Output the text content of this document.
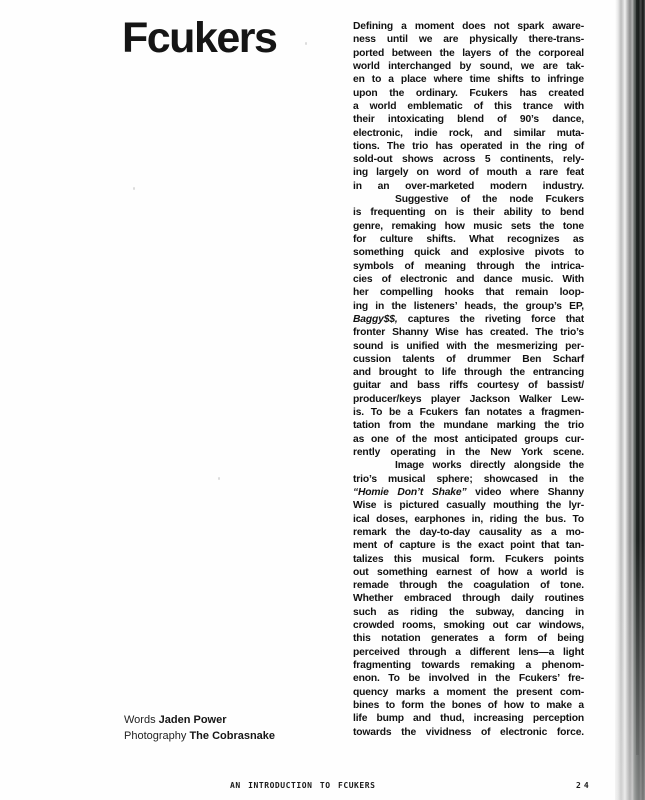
Fcukers	Defining a moment does not spark aware-
ness until we are physically there-trans-
ported between the layers of the corporeal
world interchanged by sound, we are tak-
en to a place where time shifts to infringe
upon the ordinary. Fcukers has created
a world emblematic of this trance with
their intoxicating blend of 90’s dance,
electronic, indie rock, and similar muta-
tions. The trio has operated in the ring of
sold-out shows across 5 continents, rely-
ing largely on word of mouth a rare feat
in an over-marketed modern industry.
Suggestive of the node Fcukers
is frequenting on is their ability to bend
genre, remaking how music sets the tone
for culture shifts. What recognizes as
something quick and explosive pivots to
symbols of meaning through the intrica-
cies of electronic and dance music. With
her compelling hooks that remain loop-
ing in the listeners’ heads, the group’s EP,
Baggy$$, captures the riveting force that
fronter Shanny Wise has created. The trio’s
sound is unified with the mesmerizing per-
cussion talents of drummer Ben Scharf
and brought to life through the entrancing
guitar and bass riffs courtesy of bassist/
producer/keys player Jackson Walker Lew-
is. To be a Fcukers fan notates a fragmen-
tation from the mundane marking the trio
as one of the most anticipated groups cur-
rently operating in the New York scene.
Image works directly alongside the
trio’s musical sphere; showcased in the
“Homie Don’t Shake” video where Shanny
Wise is pictured casually mouthing the lyr-
ical doses, earphones in, riding the bus. To
remark the day-to-day causality as a mo-
ment of capture is the exact point that tan-
talizes this musical form. Fcukers points
out something earnest of how a world is
remade through the coagulation of tone.
Whether embraced through daily routines
such as riding the subway, dancing in
crowded rooms, smoking out car windows,
this notation generates a form of being
perceived through a different lens—a light
fragmenting towards remaking a phenom-
enon. To be involved in the Fcukers’ fre-
quency marks a moment the present com-
bines to form the bones of how to make a
life bump and thud, increasing perception
towards the vividness of electronic force.
Words Jaden Power
Photography The Cobrasnake
AN INTRODUCTION TO FCUKERS	24
